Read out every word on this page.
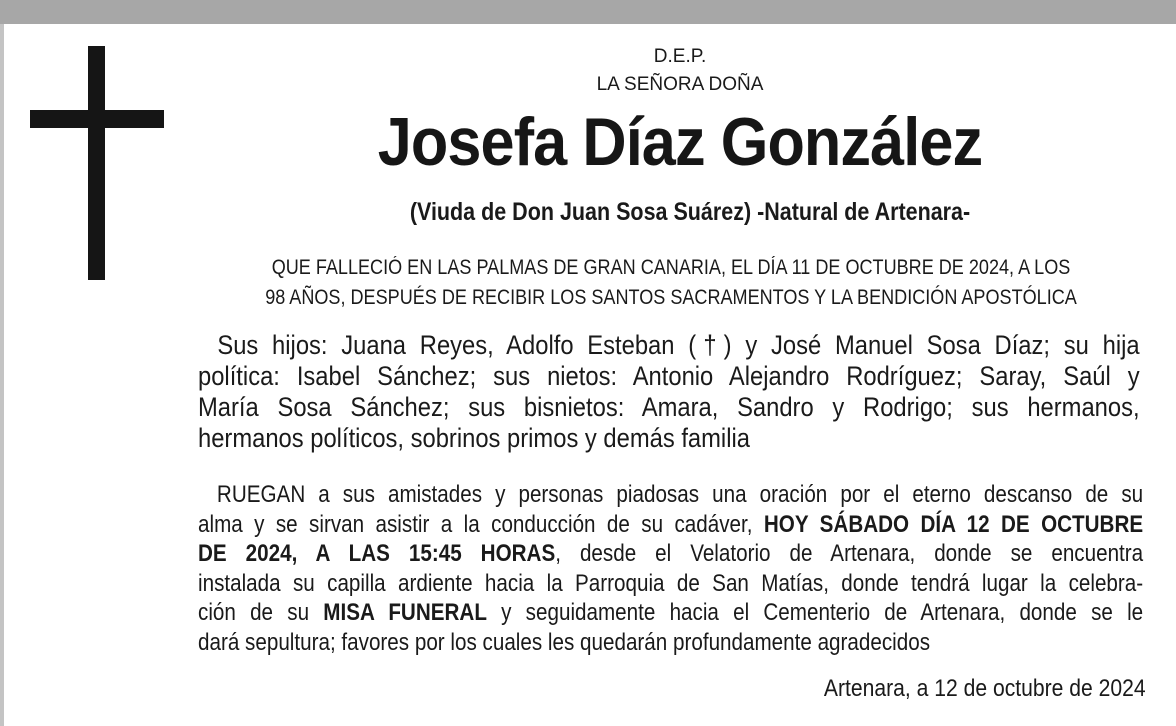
D.E.P.
LA SEÑORA DOÑA
Josefa Díaz González
(Viuda de Don Juan Sosa Suárez) -Natural de Artenara-
QUE FALLECIÓ EN LAS PALMAS DE GRAN CANARIA, EL DÍA 11 DE OCTUBRE DE 2024, A LOS
98 AÑOS, DESPUÉS DE RECIBIR LOS SANTOS SACRAMENTOS Y LA BENDICIÓN APOSTÓLICA
Sus hijos: Juana Reyes, Adolfo Esteban (†) y José Manuel Sosa Díaz; su hija
política: Isabel Sánchez; sus nietos: Antonio Alejandro Rodríguez; Saray, Saúl y
María Sosa Sánchez; sus bisnietos: Amara, Sandro y Rodrigo; sus hermanos,
hermanos políticos, sobrinos primos y demás familia
RUEGAN a sus amistades y personas piadosas una oración por el eterno descanso de su
alma y se sirvan asistir a la conducción de su cadáver, HOY SÁBADO DÍA 12 DE OCTUBRE
DE 2024, A LAS 15:45 HORAS, desde el Velatorio de Artenara, donde se encuentra
instalada su capilla ardiente hacia la Parroquia de San Matías, donde tendrá lugar la celebra-
ción de su MISA FUNERAL y seguidamente hacia el Cementerio de Artenara, donde se le
dará sepultura; favores por los cuales les quedarán profundamente agradecidos
Artenara, a 12 de octubre de 2024
